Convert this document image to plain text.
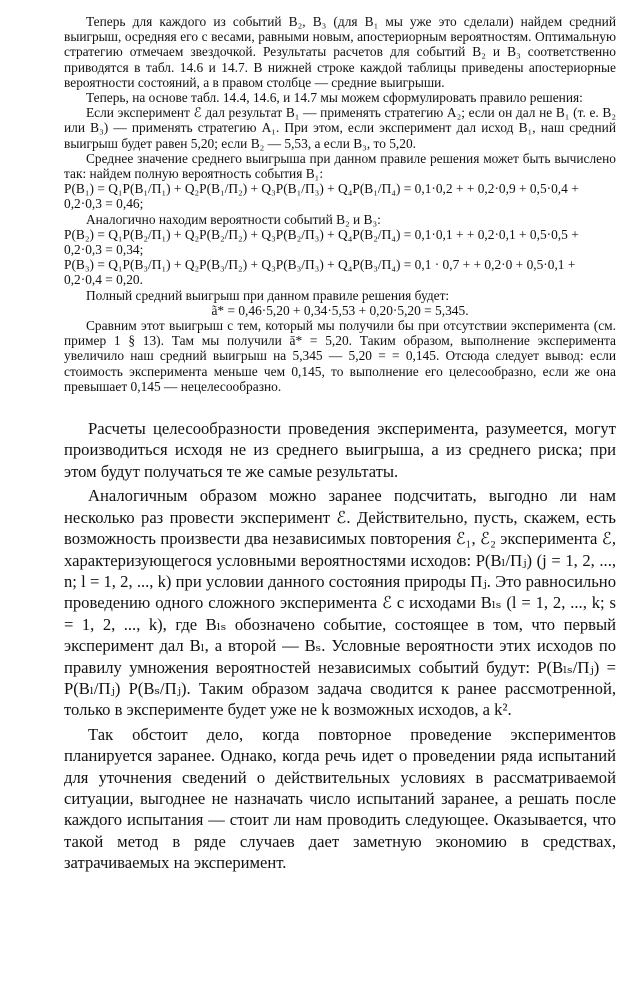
Теперь для каждого из событий B₂, B₃ (для B₁ мы уже это сделали) найдем средний выигрыш, осредняя его с весами, равными новым, апостериорным вероятностям. Оптимальную стратегию отмечаем звездочкой. Результаты расчетов для событий B₂ и B₃ соответственно приводятся в табл. 14.6 и 14.7. В нижней строке каждой таблицы приведены апостериорные вероятности состояний, а в правом столбце — средние выигрыши.

Теперь, на основе табл. 14.4, 14.6, и 14.7 мы можем сформулировать правило решения:

Если эксперимент ℰ дал результат B₁ — применять стратегию A₂; если он дал не B₁ (т. е. B₂ или B₃) — применять стратегию A₁. При этом, если эксперимент дал исход B₁, наш средний выигрыш будет равен 5,20; если B₂ — 5,53, а если B₃, то 5,20.

Среднее значение среднего выигрыша при данном правиле решения может быть вычислено так: найдем полную вероятность события B₁:

P(B₁) = Q₁P(B₁/Π₁) + Q₂P(B₁/Π₂) + Q₃P(B₁/Π₃) + Q₄P(B₁/Π₄) = 0,1·0,2 + + 0,2·0,9 + 0,5·0,4 + 0,2·0,3 = 0,46;

Аналогично находим вероятности событий B₂ и B₃:

P(B₂) = Q₁P(B₂/Π₁) + Q₂P(B₂/Π₂) + Q₃P(B₂/Π₃) + Q₄P(B₂/Π₄) = 0,1·0,1 + + 0,2·0,1 + 0,5·0,5 + 0,2·0,3 = 0,34;

P(B₃) = Q₁P(B₃/Π₁) + Q₂P(B₃/Π₂) + Q₃P(B₃/Π₃) + Q₄P(B₃/Π₄) = 0,1 · 0,7 + + 0,2·0 + 0,5·0,1 + 0,2·0,4 = 0,20.

Полный средний выигрыш при данном правиле решения будет:

ã* = 0,46·5,20 + 0,34·5,53 + 0,20·5,20 = 5,345.

Сравним этот выигрыш с тем, который мы получили бы при отсутствии эксперимента (см. пример 1 § 13). Там мы получили ā* = 5,20. Таким образом, выполнение эксперимента увеличило наш средний выигрыш на 5,345 — 5,20 = = 0,145. Отсюда следует вывод: если стоимость эксперимента меньше чем 0,145, то выполнение его целесообразно, если же она превышает 0,145 — нецелесообразно.

Расчеты целесообразности проведения эксперимента, разумеется, могут производиться исходя не из среднего выигрыша, а из среднего риска; при этом будут получаться те же самые результаты.

Аналогичным образом можно заранее подсчитать, выгодно ли нам несколько раз провести эксперимент ℰ. Действительно, пусть, скажем, есть возможность произвести два независимых повторения ℰ₁, ℰ₂ эксперимента ℰ, характеризующегося условными вероятностями исходов: P(Bₗ/Πⱼ) (j = 1, 2, ..., n; l = 1, 2, ..., k) при условии данного состояния природы Πⱼ. Это равносильно проведению одного сложного эксперимента ℰ с исходами Bₗₛ (l = 1, 2, ..., k; s = 1, 2, ..., k), где Bₗₛ обозначено событие, состоящее в том, что первый эксперимент дал Bₗ, а второй — Bₛ. Условные вероятности этих исходов по правилу умножения вероятностей независимых событий будут: P(Bₗₛ/Πⱼ) = P(Bₗ/Πⱼ) P(Bₛ/Πⱼ). Таким образом задача сводится к ранее рассмотренной, только в эксперименте будет уже не k возможных исходов, а k².

Так обстоит дело, когда повторное проведение экспериментов планируется заранее. Однако, когда речь идет о проведении ряда испытаний для уточнения сведений о действительных условиях в рассматриваемой ситуации, выгоднее не назначать число испытаний заранее, а решать после каждого испытания — стоит ли нам проводить следующее. Оказывается, что такой метод в ряде случаев дает заметную экономию в средствах, затрачиваемых на эксперимент.
